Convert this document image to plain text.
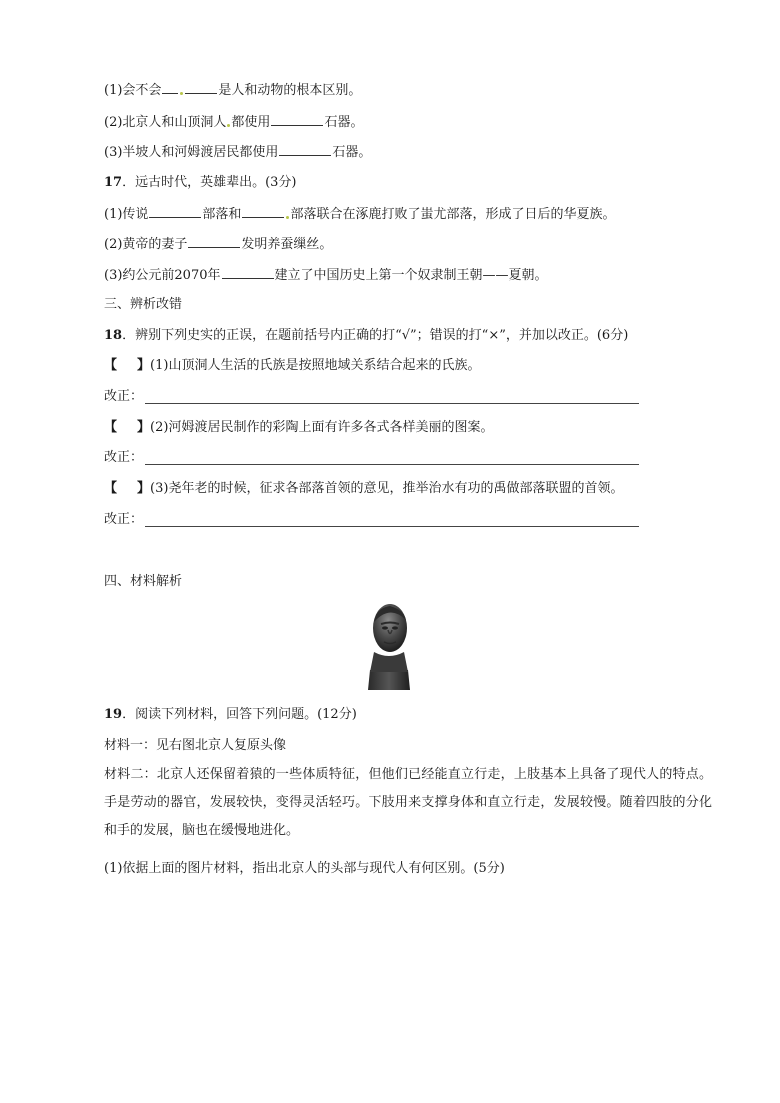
(1)会不会	是人和动物的根本区别。
(2)北京人和山顶洞人 都使用	石器。
(3)半坡人和河姆渡居民都使用	石器。
17．远古时代，英雄辈出。(3分)
(1)传说	部落和	部落联合在涿鹿打败了蚩尤部落，形成了日后的华夏族。
(2)黄帝的妻子	发明养蚕缫丝。
(3)约公元前2070年	建立了中国历史上第一个奴隶制王朝——夏朝。
三、辨析改错
18．辨别下列史实的正误，在题前括号内正确的打“√”；错误的打“×”，并加以改正。(6分)
【 】(1)山顶洞人生活的氏族是按照地域关系结合起来的氏族。
改正：
【 】(2)河姆渡居民制作的彩陶上面有许多各式各样美丽的图案。
改正：
【 】(3)尧年老的时候，征求各部落首领的意见，推举治水有功的禹做部落联盟的首领。
改正：
四、材料解析
19．阅读下列材料，回答下列问题。(12分)
材料一：见右图北京人复原头像
材料二：北京人还保留着猿的一些体质特征，但他们已经能直立行走，上肢基本上具备了现代人的特点。手是劳动的器官，发展较快，变得灵活轻巧。下肢用来支撑身体和直立行走，发展较慢。随着四肢的分化和手的发展，脑也在缓慢地进化。
(1)依据上面的图片材料，指出北京人的头部与现代人有何区别。(5分)
